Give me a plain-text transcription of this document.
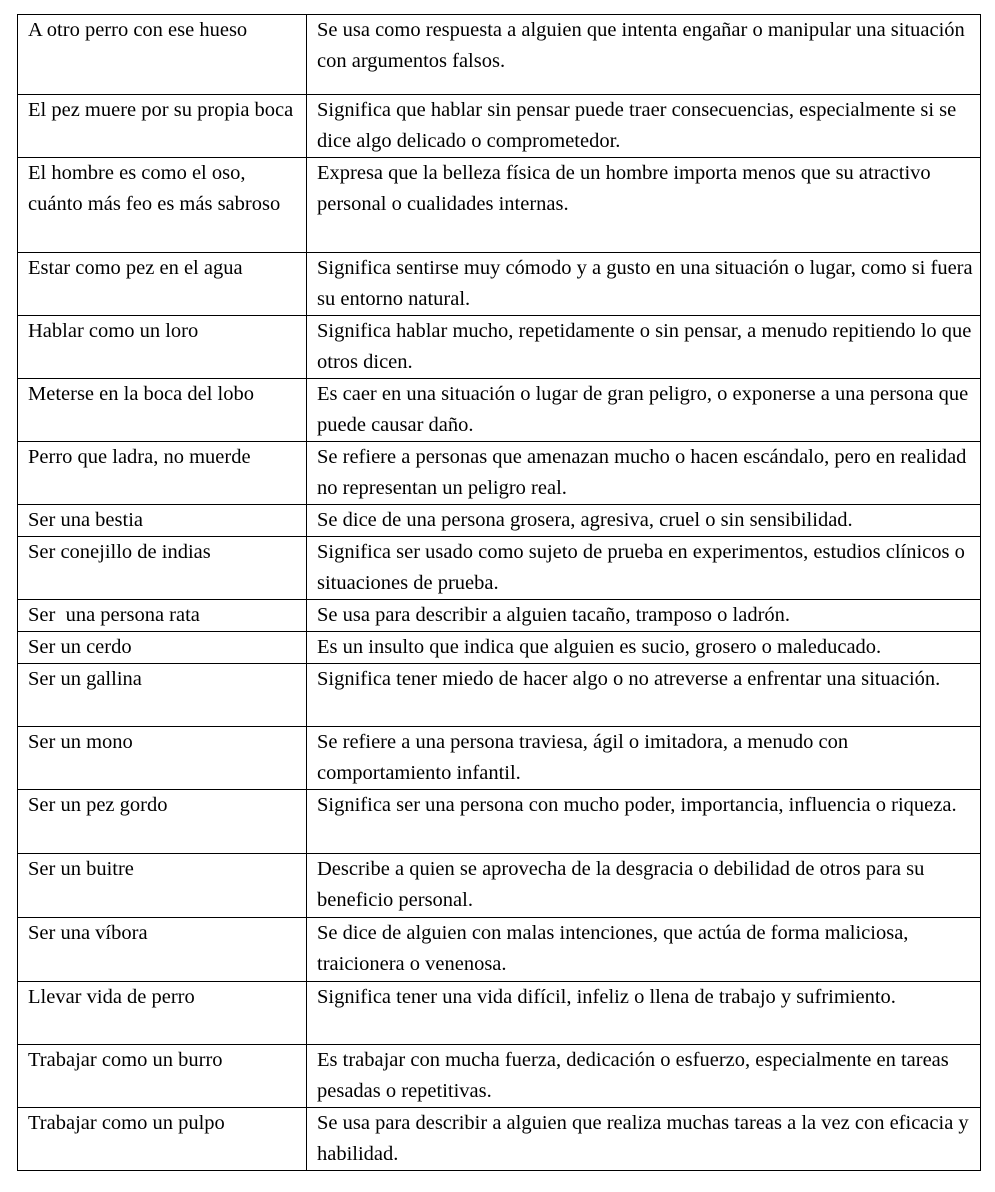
A otro perro con ese hueso	Se usa como respuesta a alguien que intenta engañar o manipular una situación con argumentos falsos.
El pez muere por su propia boca	Significa que hablar sin pensar puede traer consecuencias, especialmente si se dice algo delicado o comprometedor.
El hombre es como el oso, cuánto más feo es más sabroso	Expresa que la belleza física de un hombre importa menos que su atractivo personal o cualidades internas.
Estar como pez en el agua	Significa sentirse muy cómodo y a gusto en una situación o lugar, como si fuera su entorno natural.
Hablar como un loro	Significa hablar mucho, repetidamente o sin pensar, a menudo repitiendo lo que otros dicen.
Meterse en la boca del lobo	Es caer en una situación o lugar de gran peligro, o exponerse a una persona que puede causar daño.
Perro que ladra, no muerde	Se refiere a personas que amenazan mucho o hacen escándalo, pero en realidad no representan un peligro real.
Ser una bestia	Se dice de una persona grosera, agresiva, cruel o sin sensibilidad.
Ser conejillo de indias	Significa ser usado como sujeto de prueba en experimentos, estudios clínicos o situaciones de prueba.
Ser  una persona rata	Se usa para describir a alguien tacaño, tramposo o ladrón.
Ser un cerdo	Es un insulto que indica que alguien es sucio, grosero o maleducado.
Ser un gallina	Significa tener miedo de hacer algo o no atreverse a enfrentar una situación.
Ser un mono	Se refiere a una persona traviesa, ágil o imitadora, a menudo con comportamiento infantil.
Ser un pez gordo	Significa ser una persona con mucho poder, importancia, influencia o riqueza.
Ser un buitre	Describe a quien se aprovecha de la desgracia o debilidad de otros para su beneficio personal.
Ser una víbora	Se dice de alguien con malas intenciones, que actúa de forma maliciosa, traicionera o venenosa.
Llevar vida de perro	Significa tener una vida difícil, infeliz o llena de trabajo y sufrimiento.
Trabajar como un burro	Es trabajar con mucha fuerza, dedicación o esfuerzo, especialmente en tareas pesadas o repetitivas.
Trabajar como un pulpo	Se usa para describir a alguien que realiza muchas tareas a la vez con eficacia y habilidad.
